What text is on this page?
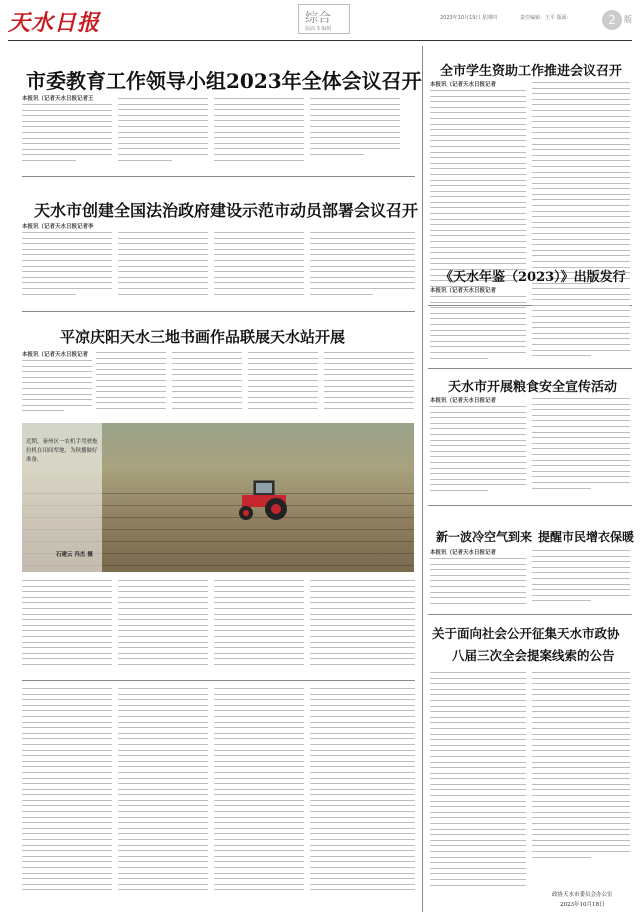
天水日报	综合
版面 3 编辑
2023年10月19日 星期四	责任编辑：王平 版面：	2	版
市委教育工作领导小组2023年全体会议召开
本报讯（记者天水日报记者王
天水市创建全国法治政府建设示范市动员部署会议召开
本报讯（记者天水日报记者李
平凉庆阳天水三地书画作品联展天水站开展
本报讯（记者天水日报记者
近期，秦州区一农机手驾驶拖拉机在田间犁地，为秋播做好准备。
石建云 冯杰 摄
全市学生资助工作推进会议召开
本报讯（记者天水日报记者
《天水年鉴（2023）》出版发行
本报讯（记者天水日报记者
天水市开展粮食安全宣传活动
本报讯（记者天水日报记者
新一波冷空气到来 提醒市民增衣保暖
本报讯（记者天水日报记者
关于面向社会公开征集天水市政协
八届三次全会提案线索的公告
政协天水市委员会办公室
2023年10月18日
